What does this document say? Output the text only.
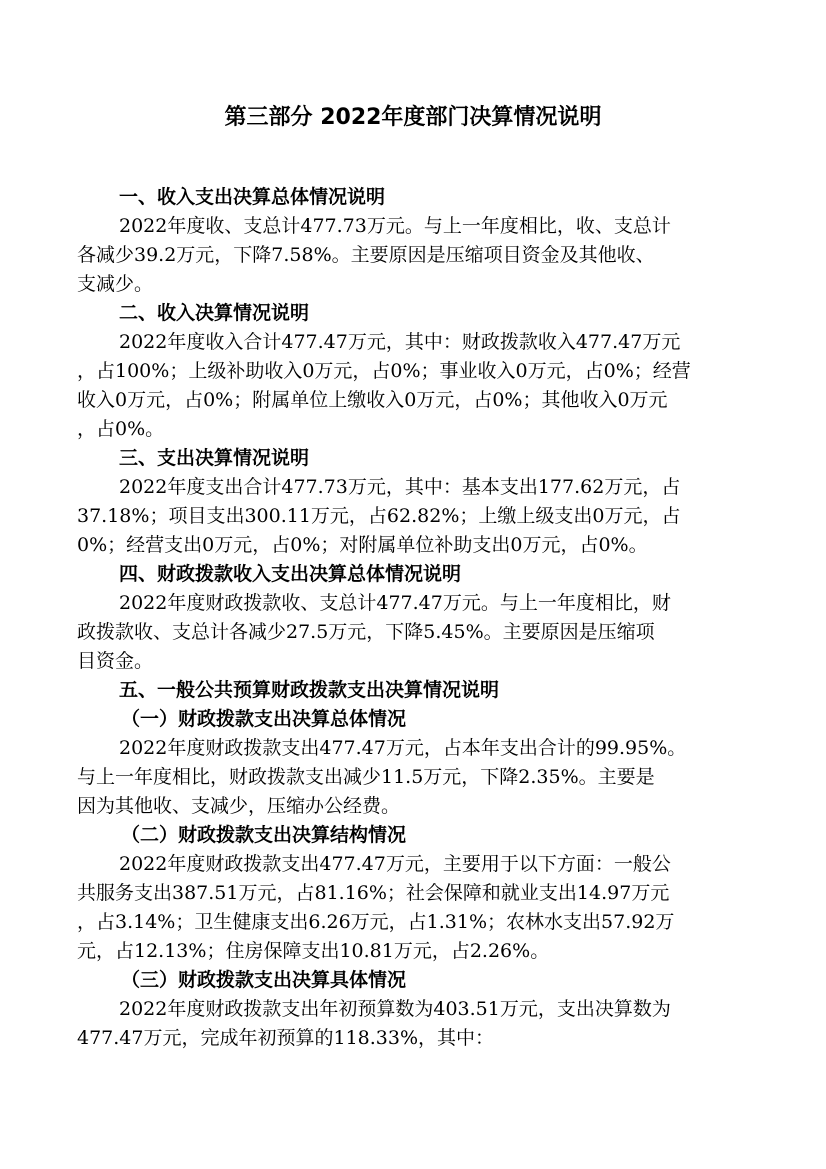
第三部分 2022年度部门决算情况说明
一、收入支出决算总体情况说明
2022年度收、支总计477.73万元。与上一年度相比，收、支总计
各减少39.2万元，下降7.58%。主要原因是压缩项目资金及其他收、
支减少。
二、收入决算情况说明
2022年度收入合计477.47万元，其中：财政拨款收入477.47万元
，占100%；上级补助收入0万元，占0%；事业收入0万元，占0%；经营
收入0万元，占0%；附属单位上缴收入0万元，占0%；其他收入0万元
，占0%。
三、支出决算情况说明
2022年度支出合计477.73万元，其中：基本支出177.62万元，占
37.18%；项目支出300.11万元，占62.82%；上缴上级支出0万元，占
0%；经营支出0万元，占0%；对附属单位补助支出0万元，占0%。
四、财政拨款收入支出决算总体情况说明
2022年度财政拨款收、支总计477.47万元。与上一年度相比，财
政拨款收、支总计各减少27.5万元，下降5.45%。主要原因是压缩项
目资金。
五、一般公共预算财政拨款支出决算情况说明
（一）财政拨款支出决算总体情况
2022年度财政拨款支出477.47万元，占本年支出合计的99.95%。
与上一年度相比，财政拨款支出减少11.5万元，下降2.35%。主要是
因为其他收、支减少，压缩办公经费。
（二）财政拨款支出决算结构情况
2022年度财政拨款支出477.47万元，主要用于以下方面：一般公
共服务支出387.51万元，占81.16%；社会保障和就业支出14.97万元
，占3.14%；卫生健康支出6.26万元，占1.31%；农林水支出57.92万
元，占12.13%；住房保障支出10.81万元，占2.26%。
（三）财政拨款支出决算具体情况
2022年度财政拨款支出年初预算数为403.51万元，支出决算数为
477.47万元，完成年初预算的118.33%，其中：
